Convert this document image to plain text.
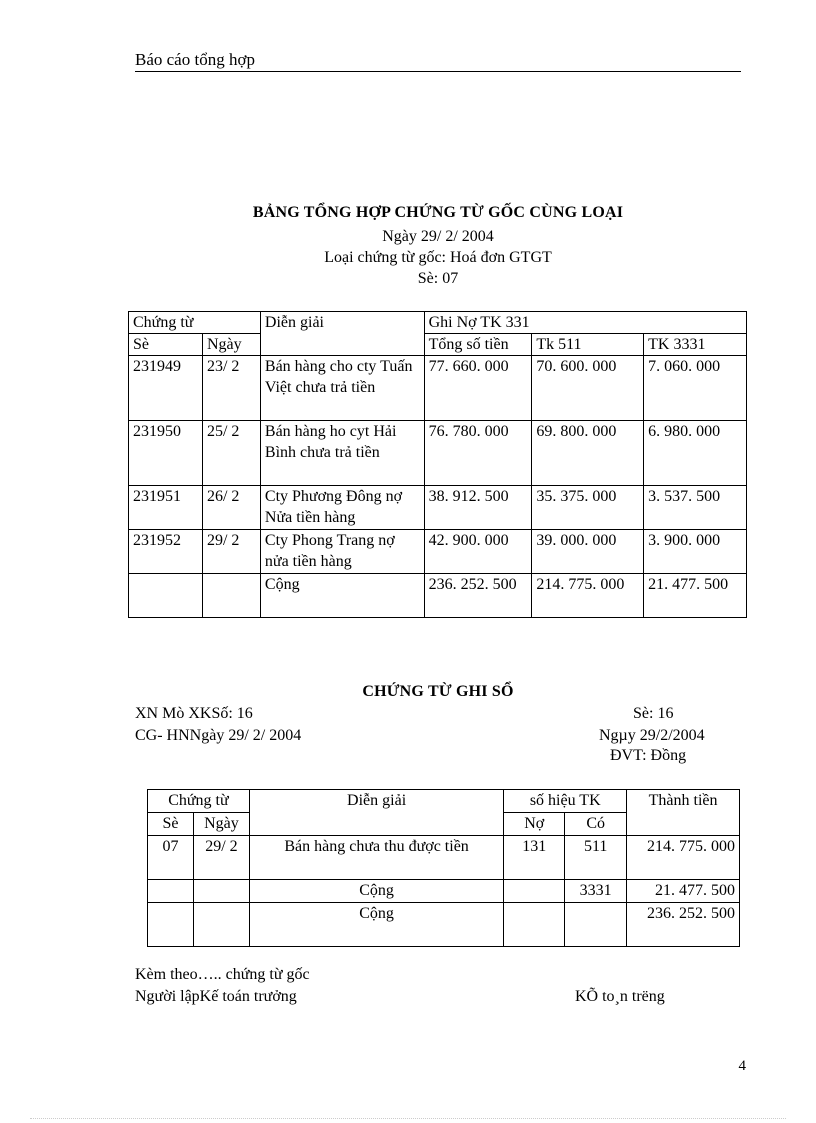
Báo cáo tổng hợp
BẢNG TỔNG HỢP CHỨNG TỪ GỐC CÙNG LOẠI
Ngày 29/ 2/ 2004
Loại chứng từ gốc: Hoá đơn GTGT
Sè: 07
Chứng từ		Diễn giải	Ghi Nợ TK 331		
Sè	Ngày		Tổng số tiền	Tk 511	TK 3331
231949	23/ 2	Bán hàng cho cty Tuấn Việt chưa trả tiền	77. 660. 000	70. 600. 000	7. 060. 000
231950	25/ 2	Bán hàng ho cyt Hải Bình chưa trả tiền	76. 780. 000	69. 800. 000	6. 980. 000
231951	26/ 2	Cty Phương Đông nợ Nửa tiền hàng	38. 912. 500	35. 375. 000	3. 537. 500
231952	29/ 2	Cty Phong Trang nợ nửa tiền hàng	42. 900. 000	39. 000. 000	3. 900. 000
		Cộng	236. 252. 500	214. 775. 000	21. 477. 500
CHỨNG TỪ GHI SỔ
XN Mò XKSố: 16	Sè: 16
CG- HNNgày 29/ 2/ 2004	Ngµy 29/2/2004
ĐVT: Đồng
Chứng từ		Diễn giải	số hiệu TK		Thành tiền
Sè	Ngày		Nợ	Có	
07	29/ 2	Bán hàng chưa thu được tiền	131	511	214. 775. 000
		Cộng		3331	21. 477. 500
		Cộng			236. 252. 500
Kèm theo….. chứng từ gốc
Người lậpKế toán trưởng	KÕ to¸n trëng
4
